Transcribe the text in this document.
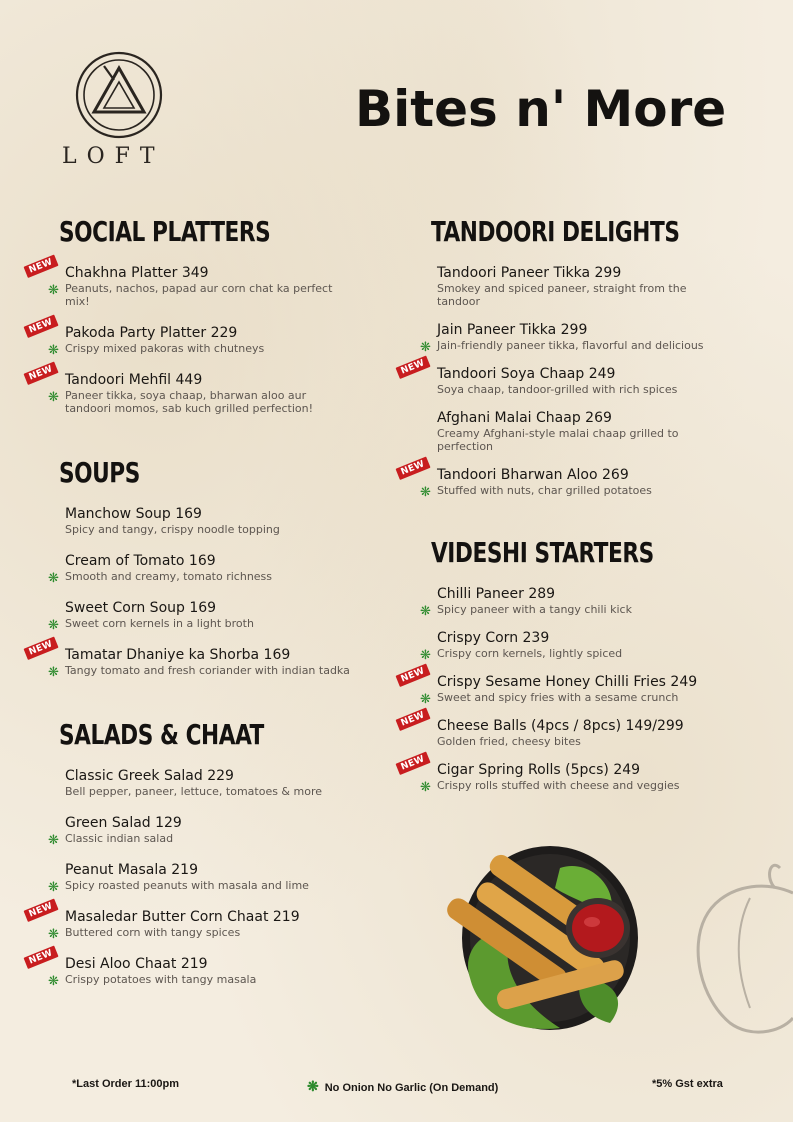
LOFT
Bites n' More
SOCIAL PLATTERS
NEW
❋
Chakhna Platter 349
Peanuts, nachos, papad aur corn chat ka perfect mix!
NEW
❋
Pakoda Party Platter 229
Crispy mixed pakoras with chutneys
NEW
❋
Tandoori Mehfil 449
Paneer tikka, soya chaap, bharwan aloo aur tandoori momos, sab kuch grilled perfection!
SOUPS
Manchow Soup 169
Spicy and tangy, crispy noodle topping
❋
Cream of Tomato 169
Smooth and creamy, tomato richness
❋
Sweet Corn Soup 169
Sweet corn kernels in a light broth
NEW
❋
Tamatar Dhaniye ka Shorba 169
Tangy tomato and fresh coriander with indian tadka
SALADS & CHAAT
Classic Greek Salad 229
Bell pepper, paneer, lettuce, tomatoes & more
❋
Green Salad 129
Classic indian salad
❋
Peanut Masala 219
Spicy roasted peanuts with masala and lime
NEW
❋
Masaledar Butter Corn Chaat 219
Buttered corn with tangy spices
NEW
❋
Desi Aloo Chaat 219
Crispy potatoes with tangy masala
TANDOORI DELIGHTS
Tandoori Paneer Tikka 299
Smokey and spiced paneer, straight from the tandoor
❋
Jain Paneer Tikka 299
Jain-friendly paneer tikka, flavorful and delicious
NEW Tandoori Soya Chaap 249
Soya chaap, tandoor-grilled with rich spices
Afghani Malai Chaap 269
Creamy Afghani-style malai chaap grilled to perfection
NEW
❋
Tandoori Bharwan Aloo 269
Stuffed with nuts, char grilled potatoes
VIDESHI STARTERS
❋
Chilli Paneer 289
Spicy paneer with a tangy chili kick
❋
Crispy Corn 239
Crispy corn kernels, lightly spiced
NEW
❋
Crispy Sesame Honey Chilli Fries 249
Sweet and spicy fries with a sesame crunch
NEW Cheese Balls (4pcs / 8pcs) 149/299
Golden fried, cheesy bites
NEW
❋
Cigar Spring Rolls (5pcs) 249
Crispy rolls stuffed with cheese and veggies
*Last Order 11:00pm	❋ No Onion No Garlic (On Demand)	*5% Gst extra
